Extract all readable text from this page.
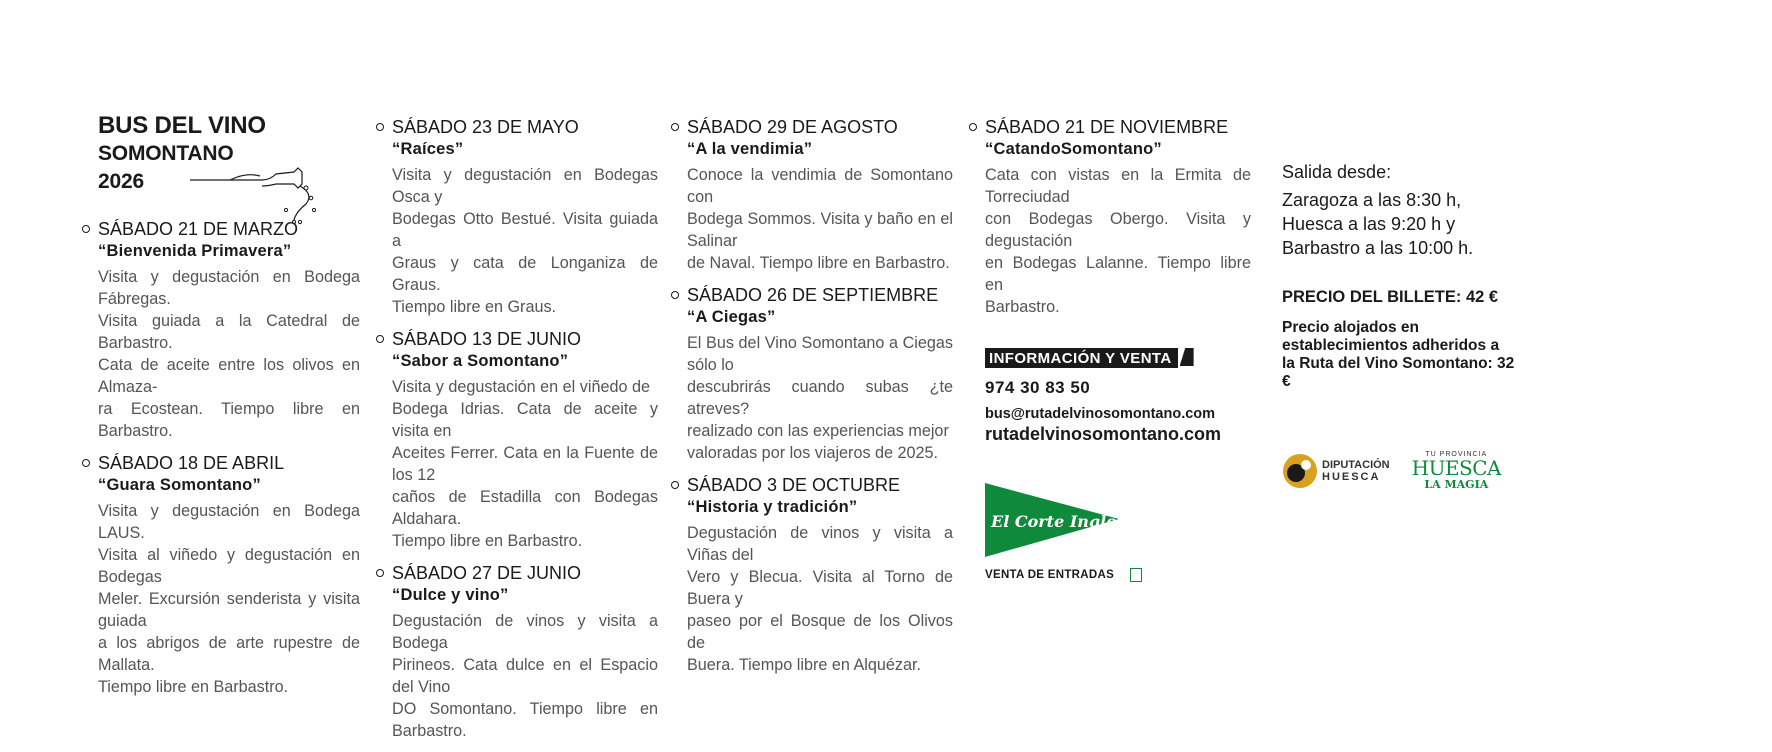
BUS DEL VINO
SOMONTANO
2026
SÁBADO 21 DE MARZO
“Bienvenida Primavera”
Visita y degustación en Bodega Fábregas.
Visita guiada a la Catedral de Barbastro.
Cata de aceite entre los olivos en Almaza-
ra Ecostean. Tiempo libre en Barbastro.
SÁBADO 18 DE ABRIL
“Guara Somontano”
Visita y degustación en Bodega LAUS.
Visita al viñedo y degustación en Bodegas
Meler. Excursión senderista y visita guiada
a los abrigos de arte rupestre de Mallata.
Tiempo libre en Barbastro.
SÁBADO 23 DE MAYO
“Raíces”
Visita y degustación en Bodegas Osca y
Bodegas Otto Bestué. Visita guiada a
Graus y cata de Longaniza de Graus.
Tiempo libre en Graus.
SÁBADO 13 DE JUNIO
“Sabor a Somontano”
Visita y degustación en el viñedo de
Bodega Idrias. Cata de aceite y visita en
Aceites Ferrer. Cata en la Fuente de los 12
caños de Estadilla con Bodegas Aldahara.
Tiempo libre en Barbastro.
SÁBADO 27 DE JUNIO
“Dulce y vino”
Degustación de vinos y visita a Bodega
Pirineos. Cata dulce en el Espacio del Vino
DO Somontano. Tiempo libre en Barbastro.
SÁBADO 29 DE AGOSTO
“A la vendimia”
Conoce la vendimia de Somontano con
Bodega Sommos. Visita y baño en el Salinar
de Naval. Tiempo libre en Barbastro.
SÁBADO 26 DE SEPTIEMBRE
“A Ciegas”
El Bus del Vino Somontano a Ciegas sólo lo
descubrirás cuando subas ¿te atreves?
realizado con las experiencias mejor
valoradas por los viajeros de 2025.
SÁBADO 3 DE OCTUBRE
“Historia y tradición”
Degustación de vinos y visita a Viñas del
Vero y Blecua. Visita al Torno de Buera y
paseo por el Bosque de los Olivos de
Buera. Tiempo libre en Alquézar.
SÁBADO 21 DE NOVIEMBRE
“CatandoSomontano”
Cata con vistas en la Ermita de Torreciudad
con Bodegas Obergo. Visita y degustación
en Bodegas Lalanne. Tiempo libre en
Barbastro.
INFORMACIÓN Y VENTA
974 30 83 50
bus@rutadelvinosomontano.com
rutadelvinosomontano.com
El Corte Inglés
VENTA DE ENTRADAS
Salida desde:
Zaragoza a las 8:30 h,
Huesca a las 9:20 h y
Barbastro a las 10:00 h.
PRECIO DEL BILLETE: 42 €
Precio alojados en
establecimientos adheridos a
la Ruta del Vino Somontano: 32 €
DIPUTACIÓN
HUESCA
TU PROVINCIA
HUESCA
LA MAGIA
